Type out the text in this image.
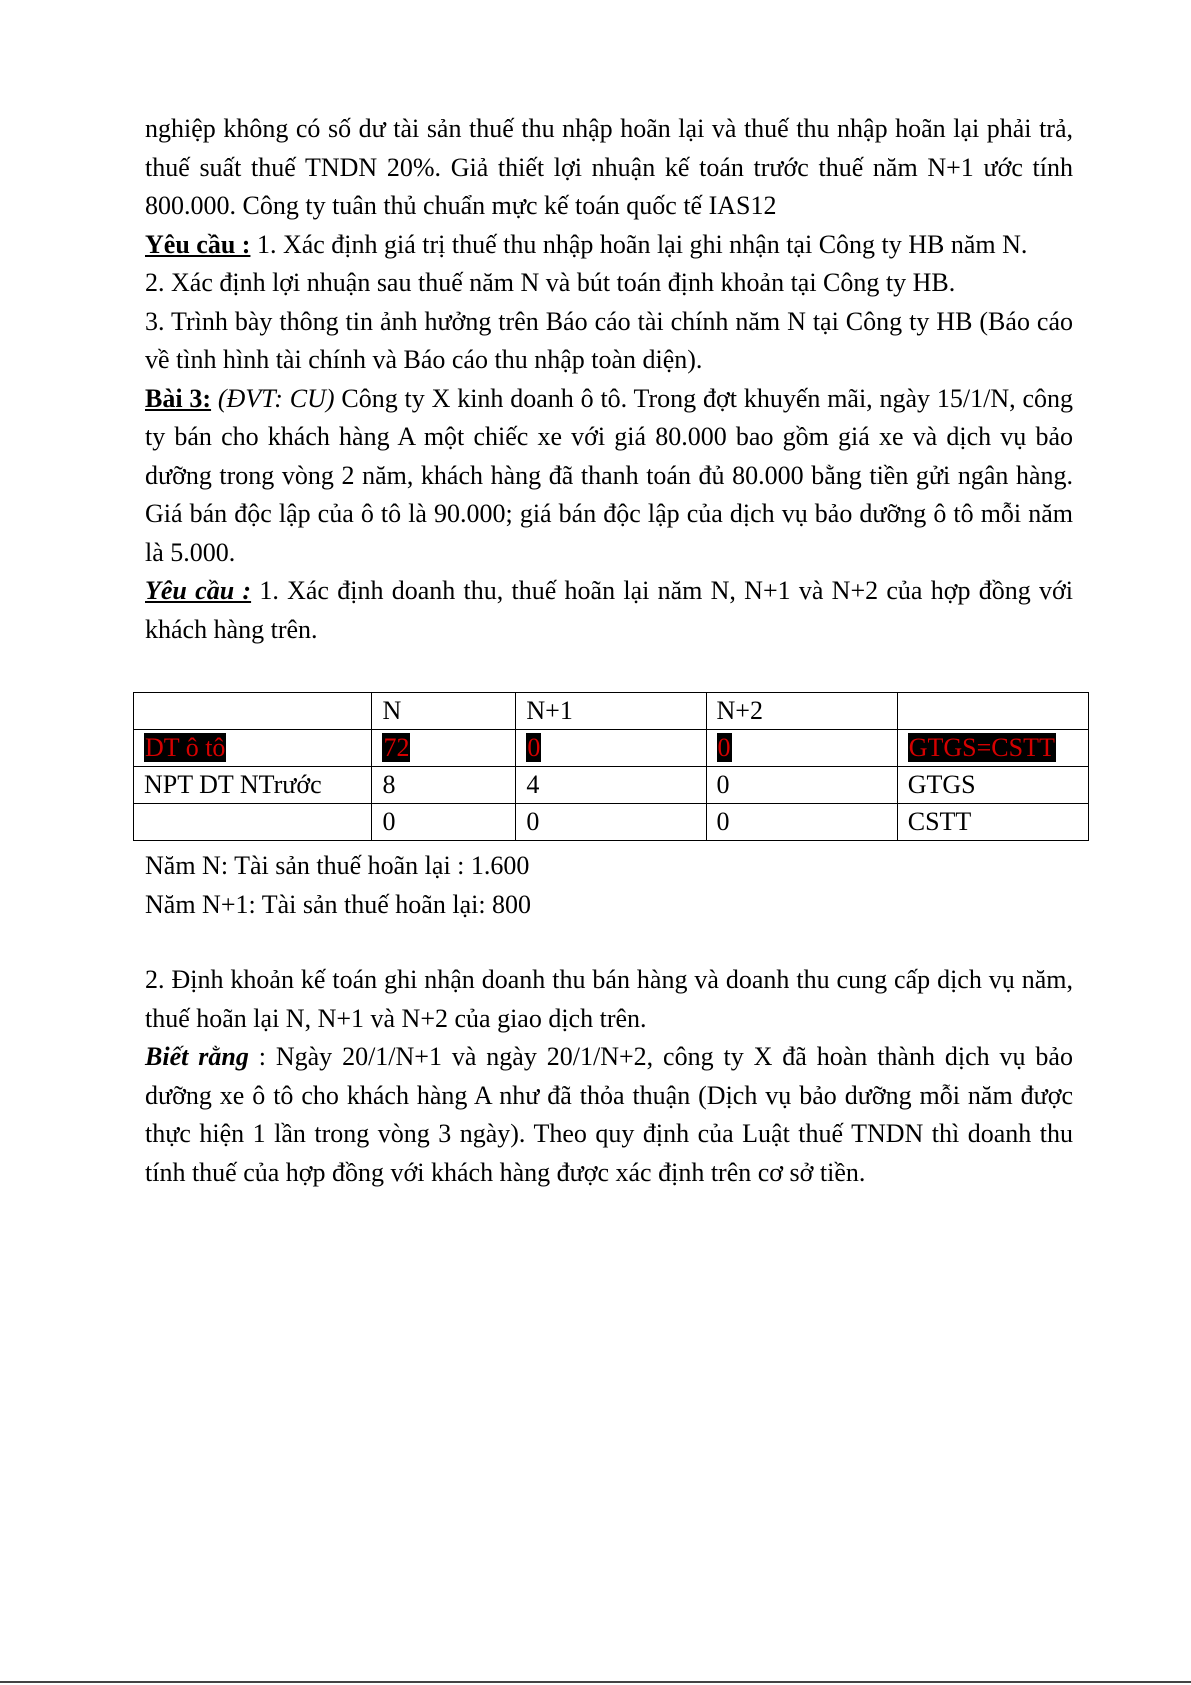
nghiệp không có số dư tài sản thuế thu nhập hoãn lại và thuế thu nhập hoãn lại phải trả, thuế suất thuế TNDN 20%. Giả thiết lợi nhuận kế toán trước thuế năm N+1 ước tính 800.000. Công ty tuân thủ chuẩn mực kế toán quốc tế IAS12

Yêu cầu : 1. Xác định giá trị thuế thu nhập hoãn lại ghi nhận tại Công ty HB năm N.

2. Xác định lợi nhuận sau thuế năm N và bút toán định khoản tại Công ty HB.

3. Trình bày thông tin ảnh hưởng trên Báo cáo tài chính năm N tại Công ty HB (Báo cáo về tình hình tài chính và Báo cáo thu nhập toàn diện).

Bài 3: (ĐVT: CU) Công ty X kinh doanh ô tô. Trong đợt khuyến mãi, ngày 15/1/N, công ty bán cho khách hàng A một chiếc xe với giá 80.000 bao gồm giá xe và dịch vụ bảo dưỡng trong vòng 2 năm, khách hàng đã thanh toán đủ 80.000 bằng tiền gửi ngân hàng. Giá bán độc lập của ô tô là 90.000; giá bán độc lập của dịch vụ bảo dưỡng ô tô mỗi năm là 5.000.

Yêu cầu : 1. Xác định doanh thu, thuế hoãn lại năm N, N+1 và N+2 của hợp đồng với khách hàng trên.

	N	N+1	N+2	
DT ô tô	72	0	0	GTGS=CSTT
NPT DT NTrước	8	4	0	GTGS
	0	0	0	CSTT

Năm N: Tài sản thuế hoãn lại : 1.600

Năm N+1: Tài sản thuế hoãn lại: 800

2. Định khoản kế toán ghi nhận doanh thu bán hàng và doanh thu cung cấp dịch vụ năm, thuế hoãn lại N, N+1 và N+2 của giao dịch trên.

Biết rằng : Ngày 20/1/N+1 và ngày 20/1/N+2, công ty X đã hoàn thành dịch vụ bảo dưỡng xe ô tô cho khách hàng A như đã thỏa thuận (Dịch vụ bảo dưỡng mỗi năm được thực hiện 1 lần trong vòng 3 ngày). Theo quy định của Luật thuế TNDN thì doanh thu tính thuế của hợp đồng với khách hàng được xác định trên cơ sở tiền.
